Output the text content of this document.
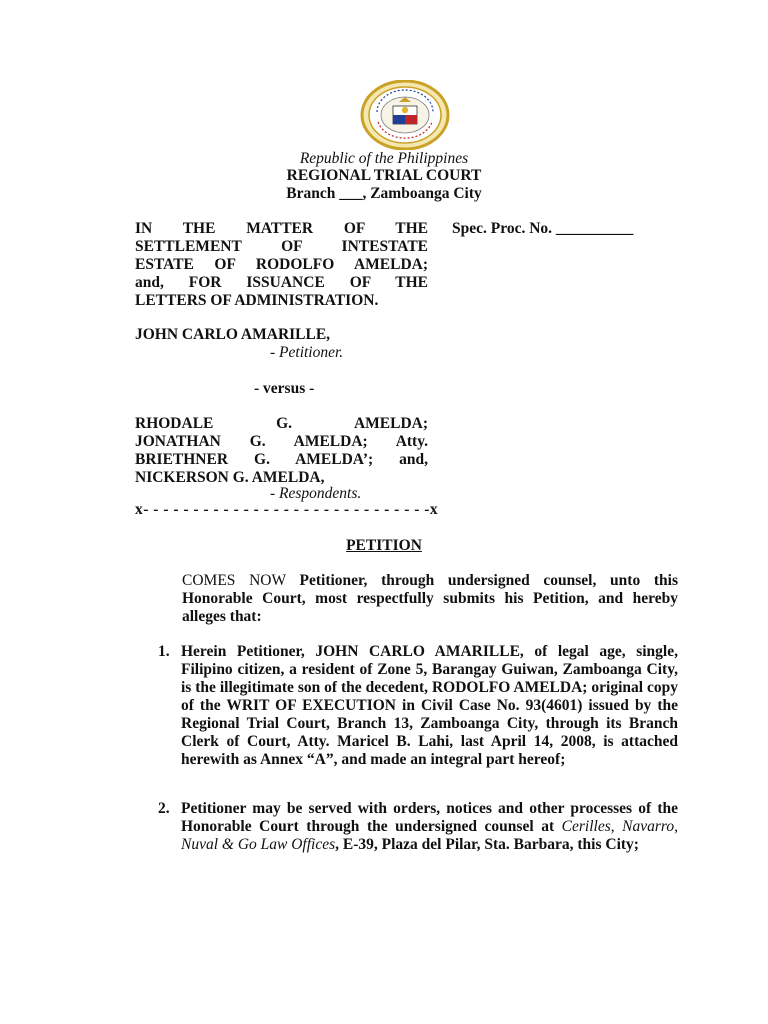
Republic of the Philippines
REGIONAL TRIAL COURT
Branch ___, Zamboanga City
IN THE MATTER OF THE
SETTLEMENT OF INTESTATE
ESTATE OF RODOLFO AMELDA;
and, FOR ISSUANCE OF THE
LETTERS OF ADMINISTRATION.
Spec. Proc. No. __________
JOHN CARLO AMARILLE,
- Petitioner.
- versus -
RHODALE G. AMELDA;
JONATHAN G. AMELDA; Atty.
BRIETHNER G. AMELDA’; and,
NICKERSON G. AMELDA,
- Respondents.
x- - - - - - - - - - - - - - - - - - - - - - - - - - - - -x
PETITION
COMES NOW Petitioner, through undersigned counsel, unto this Honorable Court, most respectfully submits his Petition, and hereby alleges that:
1. Herein Petitioner, JOHN CARLO AMARILLE, of legal age, single, Filipino citizen, a resident of Zone 5, Barangay Guiwan, Zamboanga City, is the illegitimate son of the decedent, RODOLFO AMELDA; original copy of the WRIT OF EXECUTION in Civil Case No. 93(4601) issued by the Regional Trial Court, Branch 13, Zamboanga City, through its Branch Clerk of Court, Atty. Maricel B. Lahi, last April 14, 2008, is attached herewith as Annex “A”, and made an integral part hereof;
2. Petitioner may be served with orders, notices and other processes of the Honorable Court through the undersigned counsel at Cerilles, Navarro, Nuval & Go Law Offices, E-39, Plaza del Pilar, Sta. Barbara, this City;
